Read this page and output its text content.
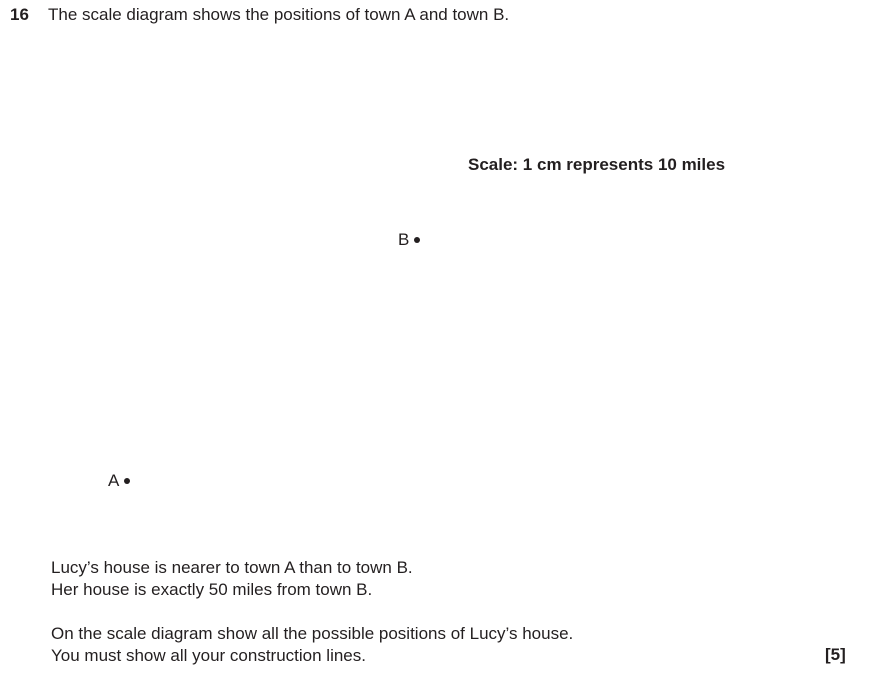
16 The scale diagram shows the positions of town A and town B.
Scale: 1 cm represents 10 miles
B
A

Lucy’s house is nearer to town A than to town B.

Her house is exactly 50 miles from town B.

On the scale diagram show all the possible positions of Lucy’s house.

You must show all your construction lines.	[5]
